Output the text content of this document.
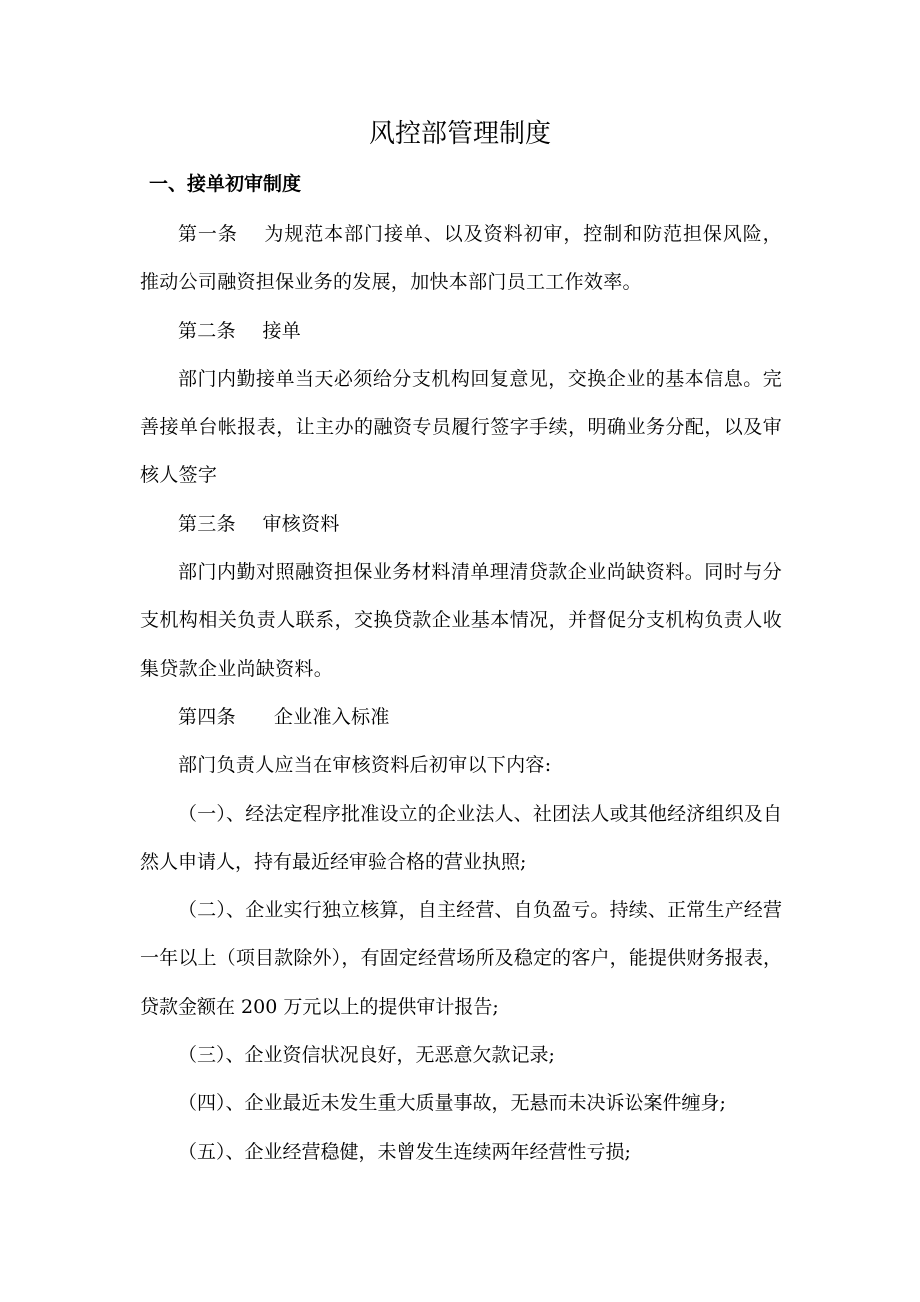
风控部管理制度
一、接单初审制度

第一条 为规范本部门接单、以及资料初审，控制和防范担保风险，推动公司融资担保业务的发展，加快本部门员工工作效率。

第二条 接单

部门内勤接单当天必须给分支机构回复意见，交换企业的基本信息。完善接单台帐报表，让主办的融资专员履行签字手续，明确业务分配，以及审核人签字

第三条 审核资料

部门内勤对照融资担保业务材料清单理清贷款企业尚缺资料。同时与分支机构相关负责人联系，交换贷款企业基本情况，并督促分支机构负责人收集贷款企业尚缺资料。

第四条 企业准入标准

部门负责人应当在审核资料后初审以下内容:

（一）、经法定程序批准设立的企业法人、社团法人或其他经济组织及自然人申请人，持有最近经审验合格的营业执照;

（二）、企业实行独立核算，自主经营、自负盈亏。持续、正常生产经营一年以上（项目款除外），有固定经营场所及稳定的客户，能提供财务报表，贷款金额在 200 万元以上的提供审计报告;

（三）、企业资信状况良好，无恶意欠款记录;

（四）、企业最近未发生重大质量事故，无悬而未决诉讼案件缠身;

（五）、企业经营稳健，未曾发生连续两年经营性亏损;
